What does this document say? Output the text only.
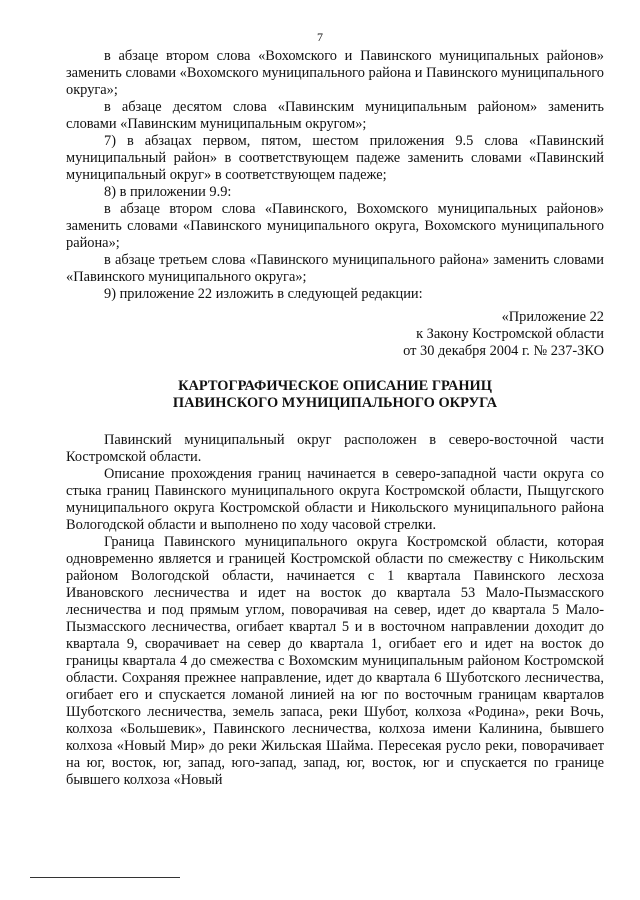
7

в абзаце втором слова «Вохомского и Павинского муниципальных районов» заменить словами «Вохомского муниципального района и Павинского муниципального округа»;

в абзаце десятом слова «Павинским муниципальным районом» заменить словами «Павинским муниципальным округом»;

7) в абзацах первом, пятом, шестом приложения 9.5 слова «Павинский муниципальный район» в соответствующем падеже заменить словами «Павинский муниципальный округ» в соответствующем падеже;

8) в приложении 9.9:

в абзаце втором слова «Павинского, Вохомского муниципальных районов» заменить словами «Павинского муниципального округа, Вохомского муниципального района»;

в абзаце третьем слова «Павинского муниципального района» заменить словами «Павинского муниципального округа»;

9) приложение 22 изложить в следующей редакции:

«Приложение 22
к Закону Костромской области
от 30 декабря 2004 г. № 237-ЗКО
КАРТОГРАФИЧЕСКОЕ ОПИСАНИЕ ГРАНИЦ
ПАВИНСКОГО МУНИЦИПАЛЬНОГО ОКРУГА

Павинский муниципальный округ расположен в северо-восточной части Костромской области.

Описание прохождения границ начинается в северо-западной части округа со стыка границ Павинского муниципального округа Костромской области, Пыщугского муниципального округа Костромской области и Никольского муниципального района Вологодской области и выполнено по ходу часовой стрелки.

Граница Павинского муниципального округа Костромской области, которая одновременно является и границей Костромской области по смежеству с Никольским районом Вологодской области, начинается с 1 квартала Павинского лесхоза Ивановского лесничества и идет на восток до квартала 53 Мало-Пызмасского лесничества и под прямым углом, поворачивая на север, идет до квартала 5 Мало-Пызмасского лесничества, огибает квартал 5 и в восточном направлении доходит до квартала 9, сворачивает на север до квартала 1, огибает его и идет на восток до границы квартала 4 до смежества с Вохомским муниципальным районом Костромской области. Сохраняя прежнее направление, идет до квартала 6 Шуботского лесничества, огибает его и спускается ломаной линией на юг по восточным границам кварталов Шуботского лесничества, земель запаса, реки Шубот, колхоза «Родина», реки Вочь, колхоза «Большевик», Павинского лесничества, колхоза имени Калинина, бывшего колхоза «Новый Мир» до реки Жильская Шайма. Пересекая русло реки, поворачивает на юг, восток, юг, запад, юго-запад, запад, юг, восток, юг и спускается по границе бывшего колхоза «Новый
